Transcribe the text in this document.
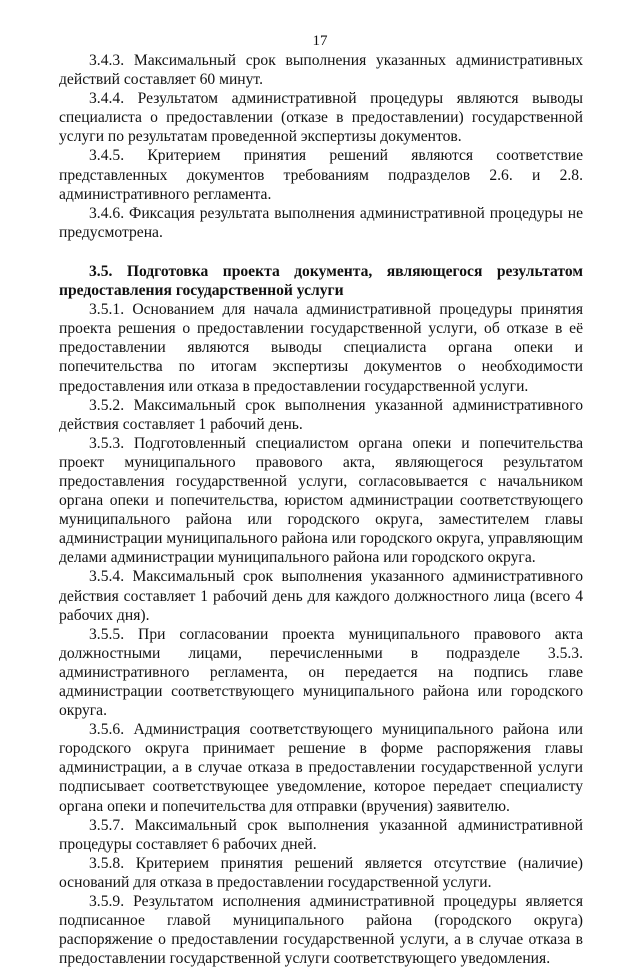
17

3.4.3. Максимальный срок выполнения указанных административных действий составляет 60 минут.

3.4.4. Результатом административной процедуры являются выводы специалиста о предоставлении (отказе в предоставлении) государственной услуги по результатам проведенной экспертизы документов.

3.4.5. Критерием принятия решений являются соответствие представленных документов требованиям подразделов 2.6. и 2.8. административного регламента.

3.4.6. Фиксация результата выполнения административной процедуры не предусмотрена.

3.5. Подготовка проекта документа, являющегося результатом предоставления государственной услуги

3.5.1. Основанием для начала административной процедуры принятия проекта решения о предоставлении государственной услуги, об отказе в её предоставлении являются выводы специалиста органа опеки и попечительства по итогам экспертизы документов о необходимости предоставления или отказа в предоставлении государственной услуги.

3.5.2. Максимальный срок выполнения указанной административного действия составляет 1 рабочий день.

3.5.3. Подготовленный специалистом органа опеки и попечительства проект муниципального правового акта, являющегося результатом предоставления государственной услуги, согласовывается с начальником органа опеки и попечительства, юристом администрации соответствующего муниципального района или городского округа, заместителем главы администрации муниципального района или городского округа, управляющим делами администрации муниципального района или городского округа.

3.5.4. Максимальный срок выполнения указанного административного действия составляет 1 рабочий день для каждого должностного лица (всего 4 рабочих дня).

3.5.5. При согласовании проекта муниципального правового акта должностными лицами, перечисленными в подразделе 3.5.3. административного регламента, он передается на подпись главе администрации соответствующего муниципального района или городского округа.

3.5.6. Администрация соответствующего муниципального района или городского округа принимает решение в форме распоряжения главы администрации, а в случае отказа в предоставлении государственной услуги подписывает соответствующее уведомление, которое передает специалисту органа опеки и попечительства для отправки (вручения) заявителю.

3.5.7. Максимальный срок выполнения указанной административной процедуры составляет 6 рабочих дней.

3.5.8. Критерием принятия решений является отсутствие (наличие) оснований для отказа в предоставлении государственной услуги.

3.5.9. Результатом исполнения административной процедуры является подписанное главой муниципального района (городского округа) распоряжение о предоставлении государственной услуги, а в случае отказа в предоставлении государственной услуги соответствующего уведомления.
